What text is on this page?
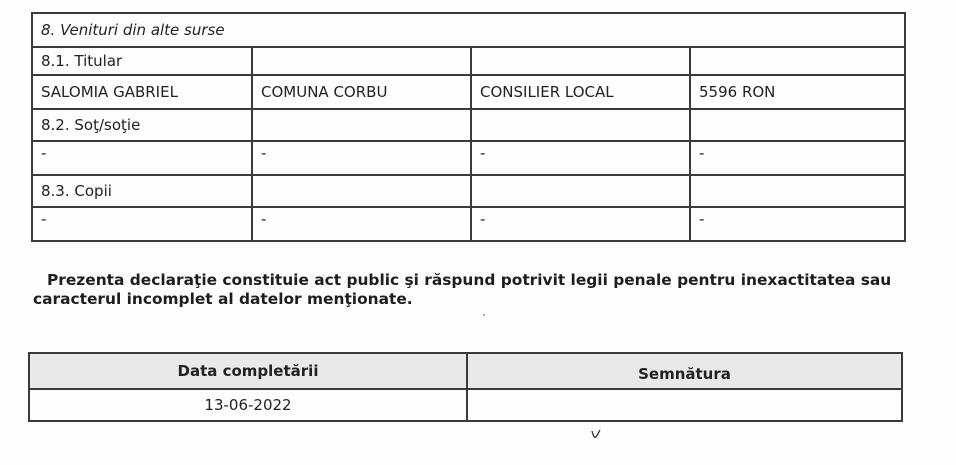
8. Venituri din alte surse			
8.1. Titular			
SALOMIA GABRIEL	COMUNA CORBU	CONSILIER LOCAL	5596 RON
8.2. Soţ/soţie			
-	-	-	-
8.3. Copii			
-	-	-	-

Prezenta declaraţie constituie act public şi răspund potrivit legii penale pentru inexactitatea sau caracterul incomplet al datelor menţionate.

Data completării	Semnătura
13-06-2022	
